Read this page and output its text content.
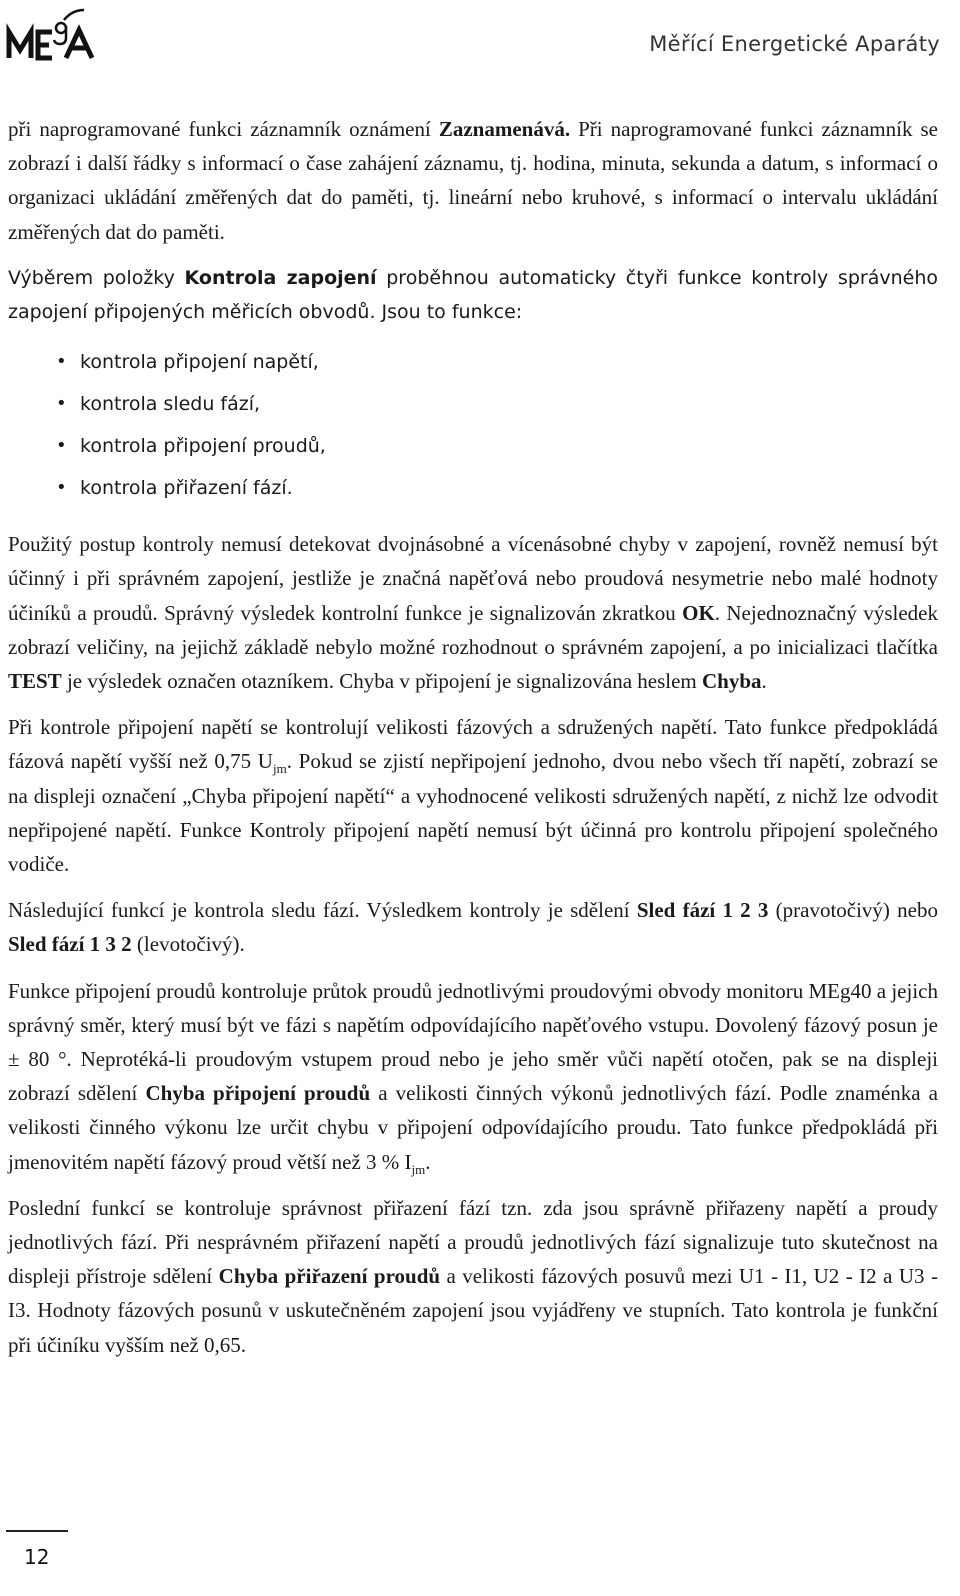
Měřící Energetické Aparáty

při naprogramované funkci záznamník oznámení Zaznamenává. Při naprogramované funkci záznamník se zobrazí i další řádky s informací o čase zahájení záznamu, tj. hodina, minuta, sekunda a datum, s informací o organizaci ukládání změřených dat do paměti, tj. lineární nebo kruhové, s informací o intervalu ukládání změřených dat do paměti.

Výběrem položky Kontrola zapojení proběhnou automaticky čtyři funkce kontroly správného zapojení připojených měřicích obvodů. Jsou to funkce:

• kontrola připojení napětí,
• kontrola sledu fází,
• kontrola připojení proudů,
• kontrola přiřazení fází.

Použitý postup kontroly nemusí detekovat dvojnásobné a vícenásobné chyby v zapojení, rovněž nemusí být účinný i při správném zapojení, jestliže je značná napěťová nebo proudová nesymetrie nebo malé hodnoty účiníků a proudů. Správný výsledek kontrolní funkce je signalizován zkratkou OK. Nejednoznačný výsledek zobrazí veličiny, na jejichž základě nebylo možné rozhodnout o správném zapojení, a po inicializaci tlačítka TEST je výsledek označen otazníkem. Chyba v připojení je signalizována heslem Chyba.

Při kontrole připojení napětí se kontrolují velikosti fázových a sdružených napětí. Tato funkce předpokládá fázová napětí vyšší než 0,75 $U_{jm}$. Pokud se zjistí nepřipojení jednoho, dvou nebo všech tří napětí, zobrazí se na displeji označení „Chyba připojení napětí“ a vyhodnocené velikosti sdružených napětí, z nichž lze odvodit nepřipojené napětí. Funkce Kontroly připojení napětí nemusí být účinná pro kontrolu připojení společného vodiče.

Následující funkcí je kontrola sledu fází. Výsledkem kontroly je sdělení Sled fází 1 2 3 (pravotočivý) nebo Sled fází 1 3 2 (levotočivý).

Funkce připojení proudů kontroluje průtok proudů jednotlivými proudovými obvody monitoru MEg40 a jejich správný směr, který musí být ve fázi s napětím odpovídajícího napěťového vstupu. Dovolený fázový posun je ± 80 °. Neprotéká-li proudovým vstupem proud nebo je jeho směr vůči napětí otočen, pak se na displeji zobrazí sdělení Chyba připojení proudů a velikosti činných výkonů jednotlivých fází. Podle znaménka a velikosti činného výkonu lze určit chybu v připojení odpovídajícího proudu. Tato funkce předpokládá při jmenovitém napětí fázový proud větší než 3 % $I_{jm}$.

Poslední funkcí se kontroluje správnost přiřazení fází tzn. zda jsou správně přiřazeny napětí a proudy jednotlivých fází. Při nesprávném přiřazení napětí a proudů jednotlivých fází signalizuje tuto skutečnost na displeji přístroje sdělení Chyba přiřazení proudů a velikosti fázových posuvů mezi U1 - I1, U2 - I2 a U3 - I3. Hodnoty fázových posunů v uskutečněném zapojení jsou vyjádřeny ve stupních. Tato kontrola je funkční při účiníku vyšším než 0,65.

12
